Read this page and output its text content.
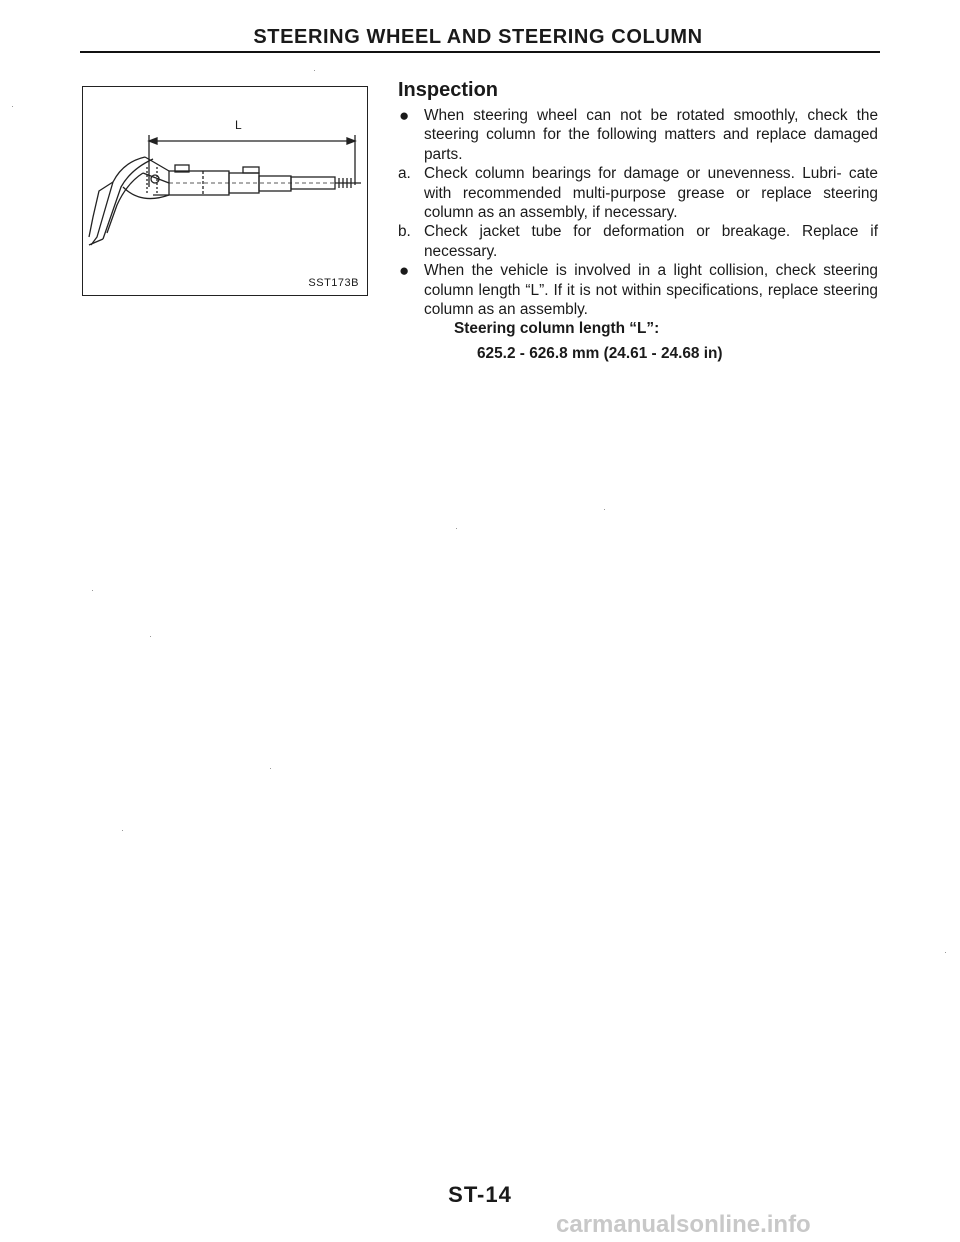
STEERING WHEEL AND STEERING COLUMN
L
SST173B
Inspection
● When steering wheel can not be rotated smoothly, check the steering column for the following matters and replace damaged parts.
a. Check column bearings for damage or unevenness. Lubri- cate with recommended multi-purpose grease or replace steering column as an assembly, if necessary.
b. Check jacket tube for deformation or breakage. Replace if necessary.
● When the vehicle is involved in a light collision, check steering column length “L”. If it is not within specifications, replace steering column as an assembly.
Steering column length “L”:
625.2 - 626.8 mm (24.61 - 24.68 in)
ST-14
carmanualsonline.info
